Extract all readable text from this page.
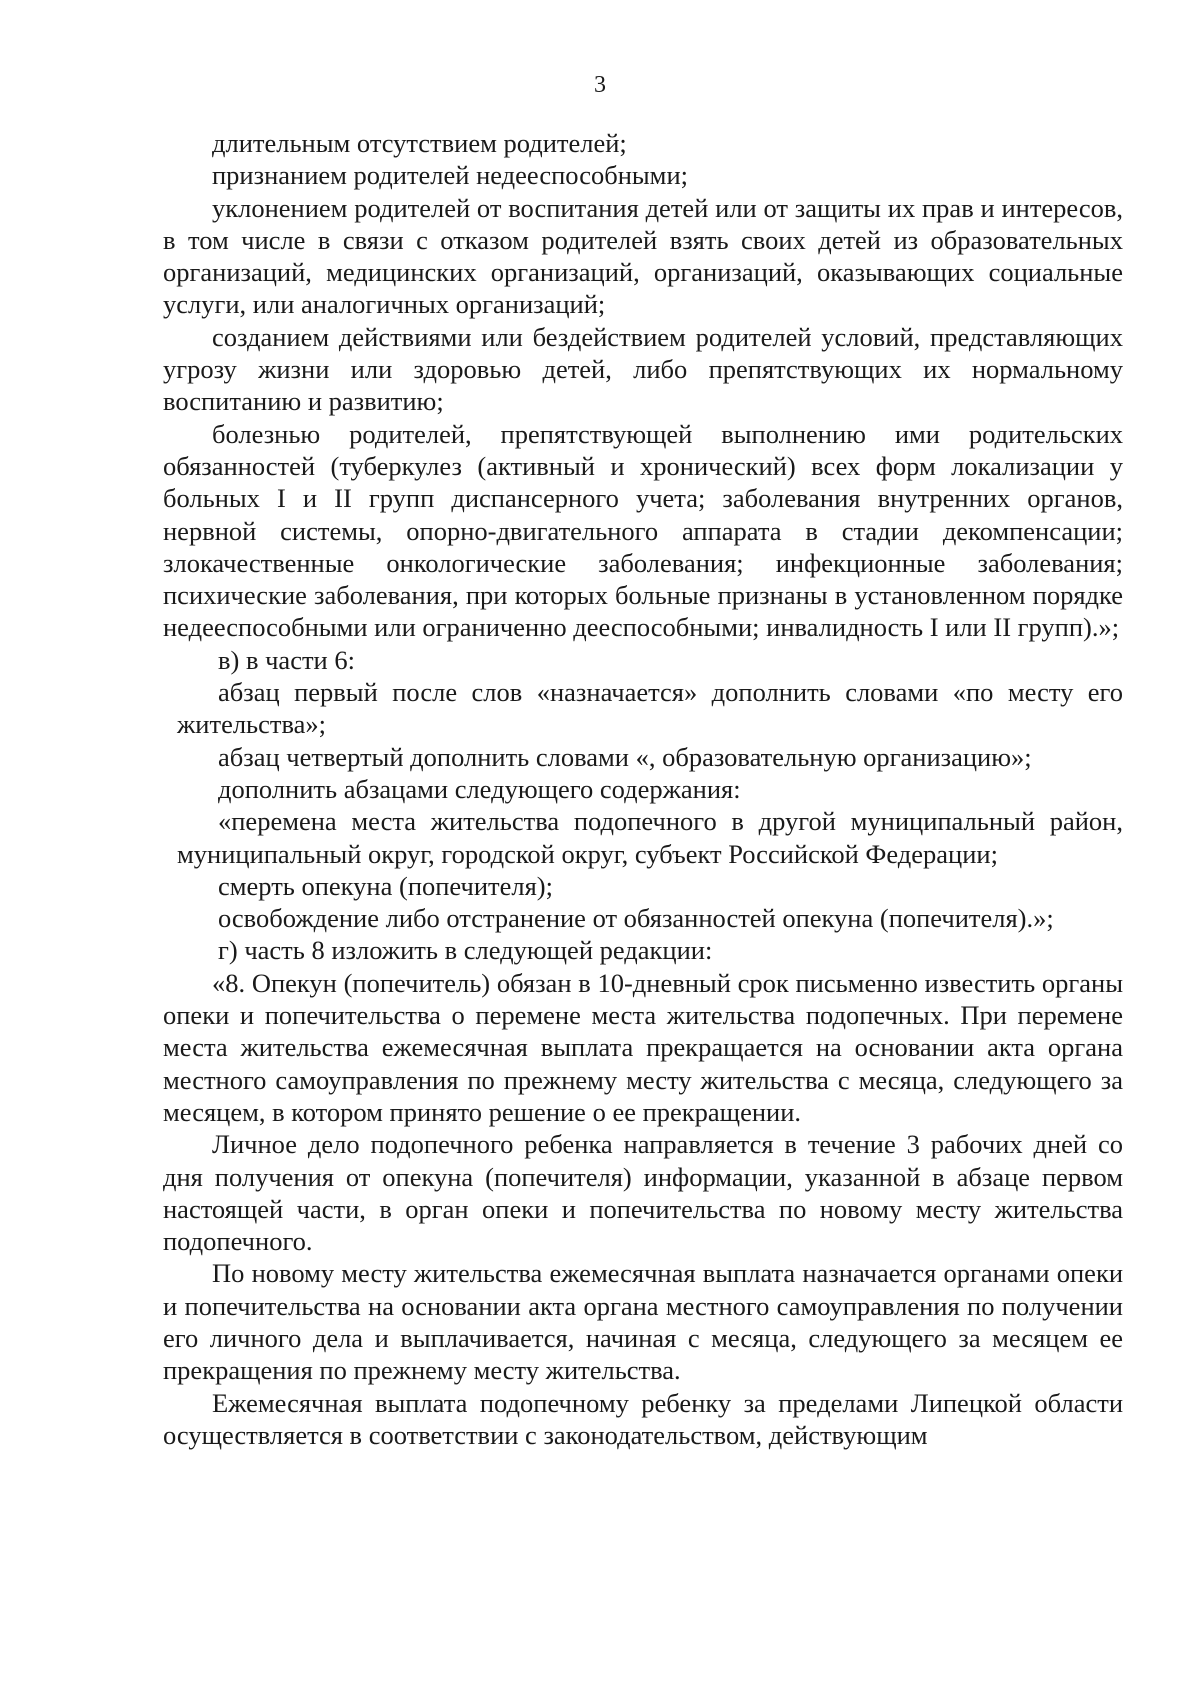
3

длительным отсутствием родителей;

признанием родителей недееспособными;

уклонением родителей от воспитания детей или от защиты их прав и интересов, в том числе в связи с отказом родителей взять своих детей из образовательных организаций, медицинских организаций, организаций, оказывающих социальные услуги, или аналогичных организаций;

созданием действиями или бездействием родителей условий, представляющих угрозу жизни или здоровью детей, либо препятствующих их нормальному воспитанию и развитию;

болезнью родителей, препятствующей выполнению ими родительских обязанностей (туберкулез (активный и хронический) всех форм локализации у больных I и II групп диспансерного учета; заболевания внутренних органов, нервной системы, опорно-двигательного аппарата в стадии декомпенсации; злокачественные онкологические заболевания; инфекционные заболевания; психические заболевания, при которых больные признаны в установленном порядке недееспособными или ограниченно дееспособными; инвалидность I или II групп).»;

в) в части 6:

абзац первый после слов «назначается» дополнить словами «по месту его жительства»;

абзац четвертый дополнить словами «, образовательную организацию»;

дополнить абзацами следующего содержания:

«перемена места жительства подопечного в другой муниципальный район, муниципальный округ, городской округ, субъект Российской Федерации;

смерть опекуна (попечителя);

освобождение либо отстранение от обязанностей опекуна (попечителя).»;

г) часть 8 изложить в следующей редакции:

«8. Опекун (попечитель) обязан в 10-дневный срок письменно известить органы опеки и попечительства о перемене места жительства подопечных. При перемене места жительства ежемесячная выплата прекращается на основании акта органа местного самоуправления по прежнему месту жительства с месяца, следующего за месяцем, в котором принято решение о ее прекращении.

Личное дело подопечного ребенка направляется в течение 3 рабочих дней со дня получения от опекуна (попечителя) информации, указанной в абзаце первом настоящей части, в орган опеки и попечительства по новому месту жительства подопечного.

По новому месту жительства ежемесячная выплата назначается органами опеки и попечительства на основании акта органа местного самоуправления по получении его личного дела и выплачивается, начиная с месяца, следующего за месяцем ее прекращения по прежнему месту жительства.

Ежемесячная выплата подопечному ребенку за пределами Липецкой области осуществляется в соответствии с законодательством, действующим
